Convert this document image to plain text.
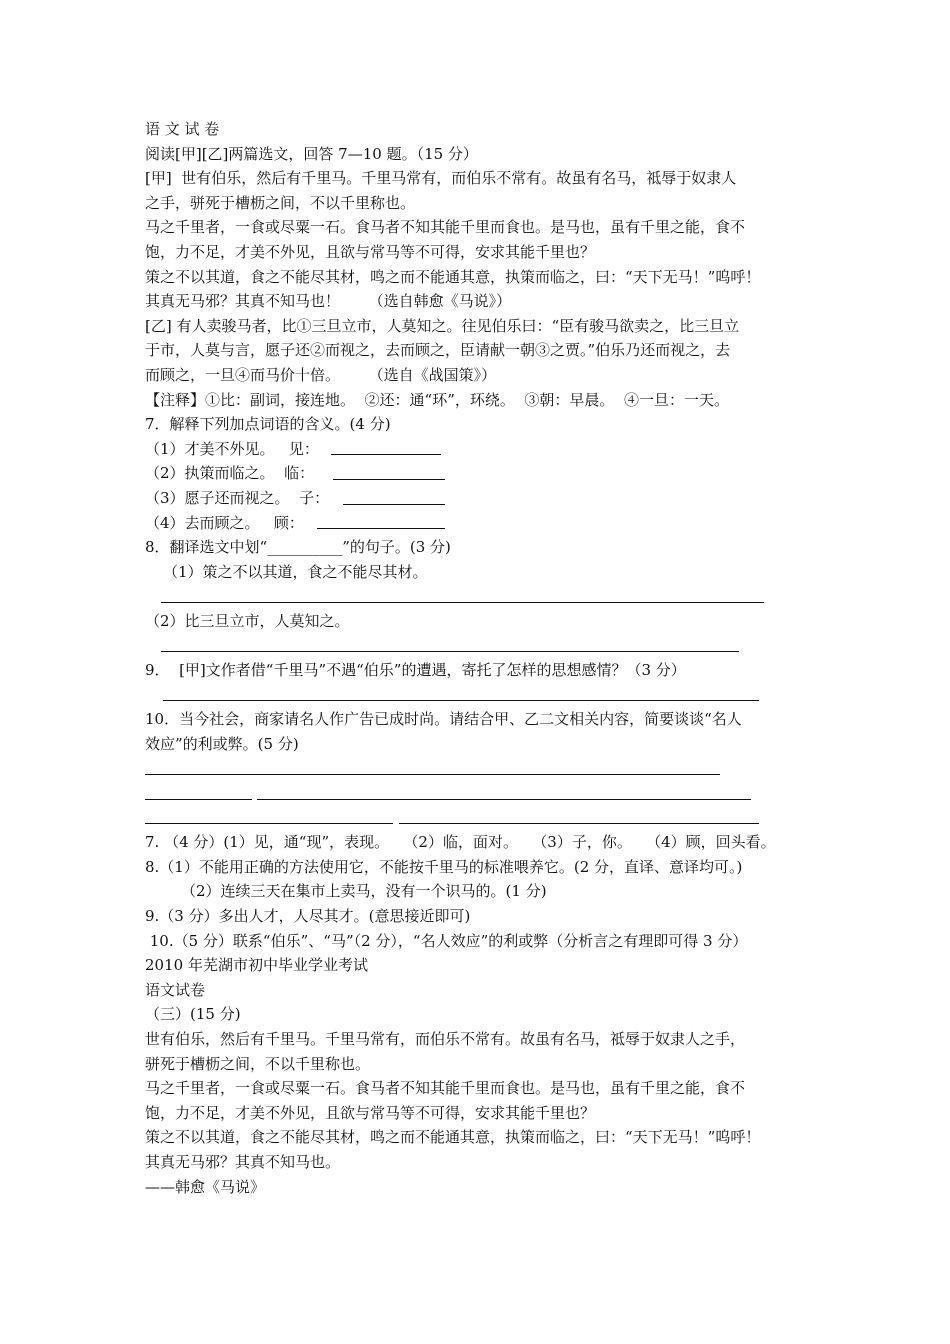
语 文 试 卷
阅读[甲][乙]两篇选文，回答 7—10 题。（15 分）
[甲]  世有伯乐，然后有千里马。千里马常有，而伯乐不常有。故虽有名马，祗辱于奴隶人
之手，骈死于槽枥之间，不以千里称也。
马之千里者，一食或尽粟一石。食马者不知其能千里而食也。是马也，虽有千里之能，食不
饱，力不足，才美不外见，且欲与常马等不可得，安求其能千里也？
策之不以其道，食之不能尽其材，鸣之而不能通其意，执策而临之，曰：“天下无马！”呜呼！
其真无马邪？其真不知马也！      （选自韩愈《马说》）
[乙] 有人卖骏马者，比①三旦立市，人莫知之。往见伯乐曰：“臣有骏马欲卖之，比三旦立
于市，人莫与言，愿子还②而视之，去而顾之，臣请献一朝③之贾。”伯乐乃还而视之，去
而顾之，一旦④而马价十倍。      （选自《战国策》）
【注释】①比：副词，接连地。  ②还：通“环”，环绕。  ③朝：早晨。  ④一旦：一天。
7．解释下列加点词语的含义。(4 分)
（1）才美不外见。   见：
（2）执策而临之。  临：
（3）愿子还而视之。  子：
（4）去而顾之。   顾：
8．翻译选文中划“__________”的句子。(3 分)
（1）策之不以其道，食之不能尽其材。
（2）比三旦立市，人莫知之。
9．  [甲]文作者借“千里马”不遇“伯乐”的遭遇，寄托了怎样的思想感情？（3 分）
10．当今社会，商家请名人作广告已成时尚。请结合甲、乙二文相关内容，简要谈谈“名人
效应”的利或弊。(5 分)
7. （4 分）(1）见，通“现”，表现。   （2）临，面对。   （3）子，你。   （4）顾，回头看。
8.（1）不能用正确的方法使用它，不能按千里马的标准喂养它。(2 分，直译、意译均可。)
（2）连续三天在集市上卖马，没有一个识马的。(1 分)
9.（3 分）多出人才，人尽其才。(意思接近即可)
10.（5 分）联系“伯乐”、“马”（2 分），“名人效应”的利或弊（分析言之有理即可得 3 分）
2010 年芜湖市初中毕业学业考试
语文试卷
（三）(15 分)
世有伯乐，然后有千里马。千里马常有，而伯乐不常有。故虽有名马，祗辱于奴隶人之手，
骈死于槽枥之间，不以千里称也。
马之千里者，一食或尽粟一石。食马者不知其能千里而食也。是马也，虽有千里之能，食不
饱，力不足，才美不外见，且欲与常马等不可得，安求其能千里也？
策之不以其道，食之不能尽其材，鸣之而不能通其意，执策而临之，曰：“天下无马！”呜呼！
其真无马邪？其真不知马也。
——韩愈《马说》
